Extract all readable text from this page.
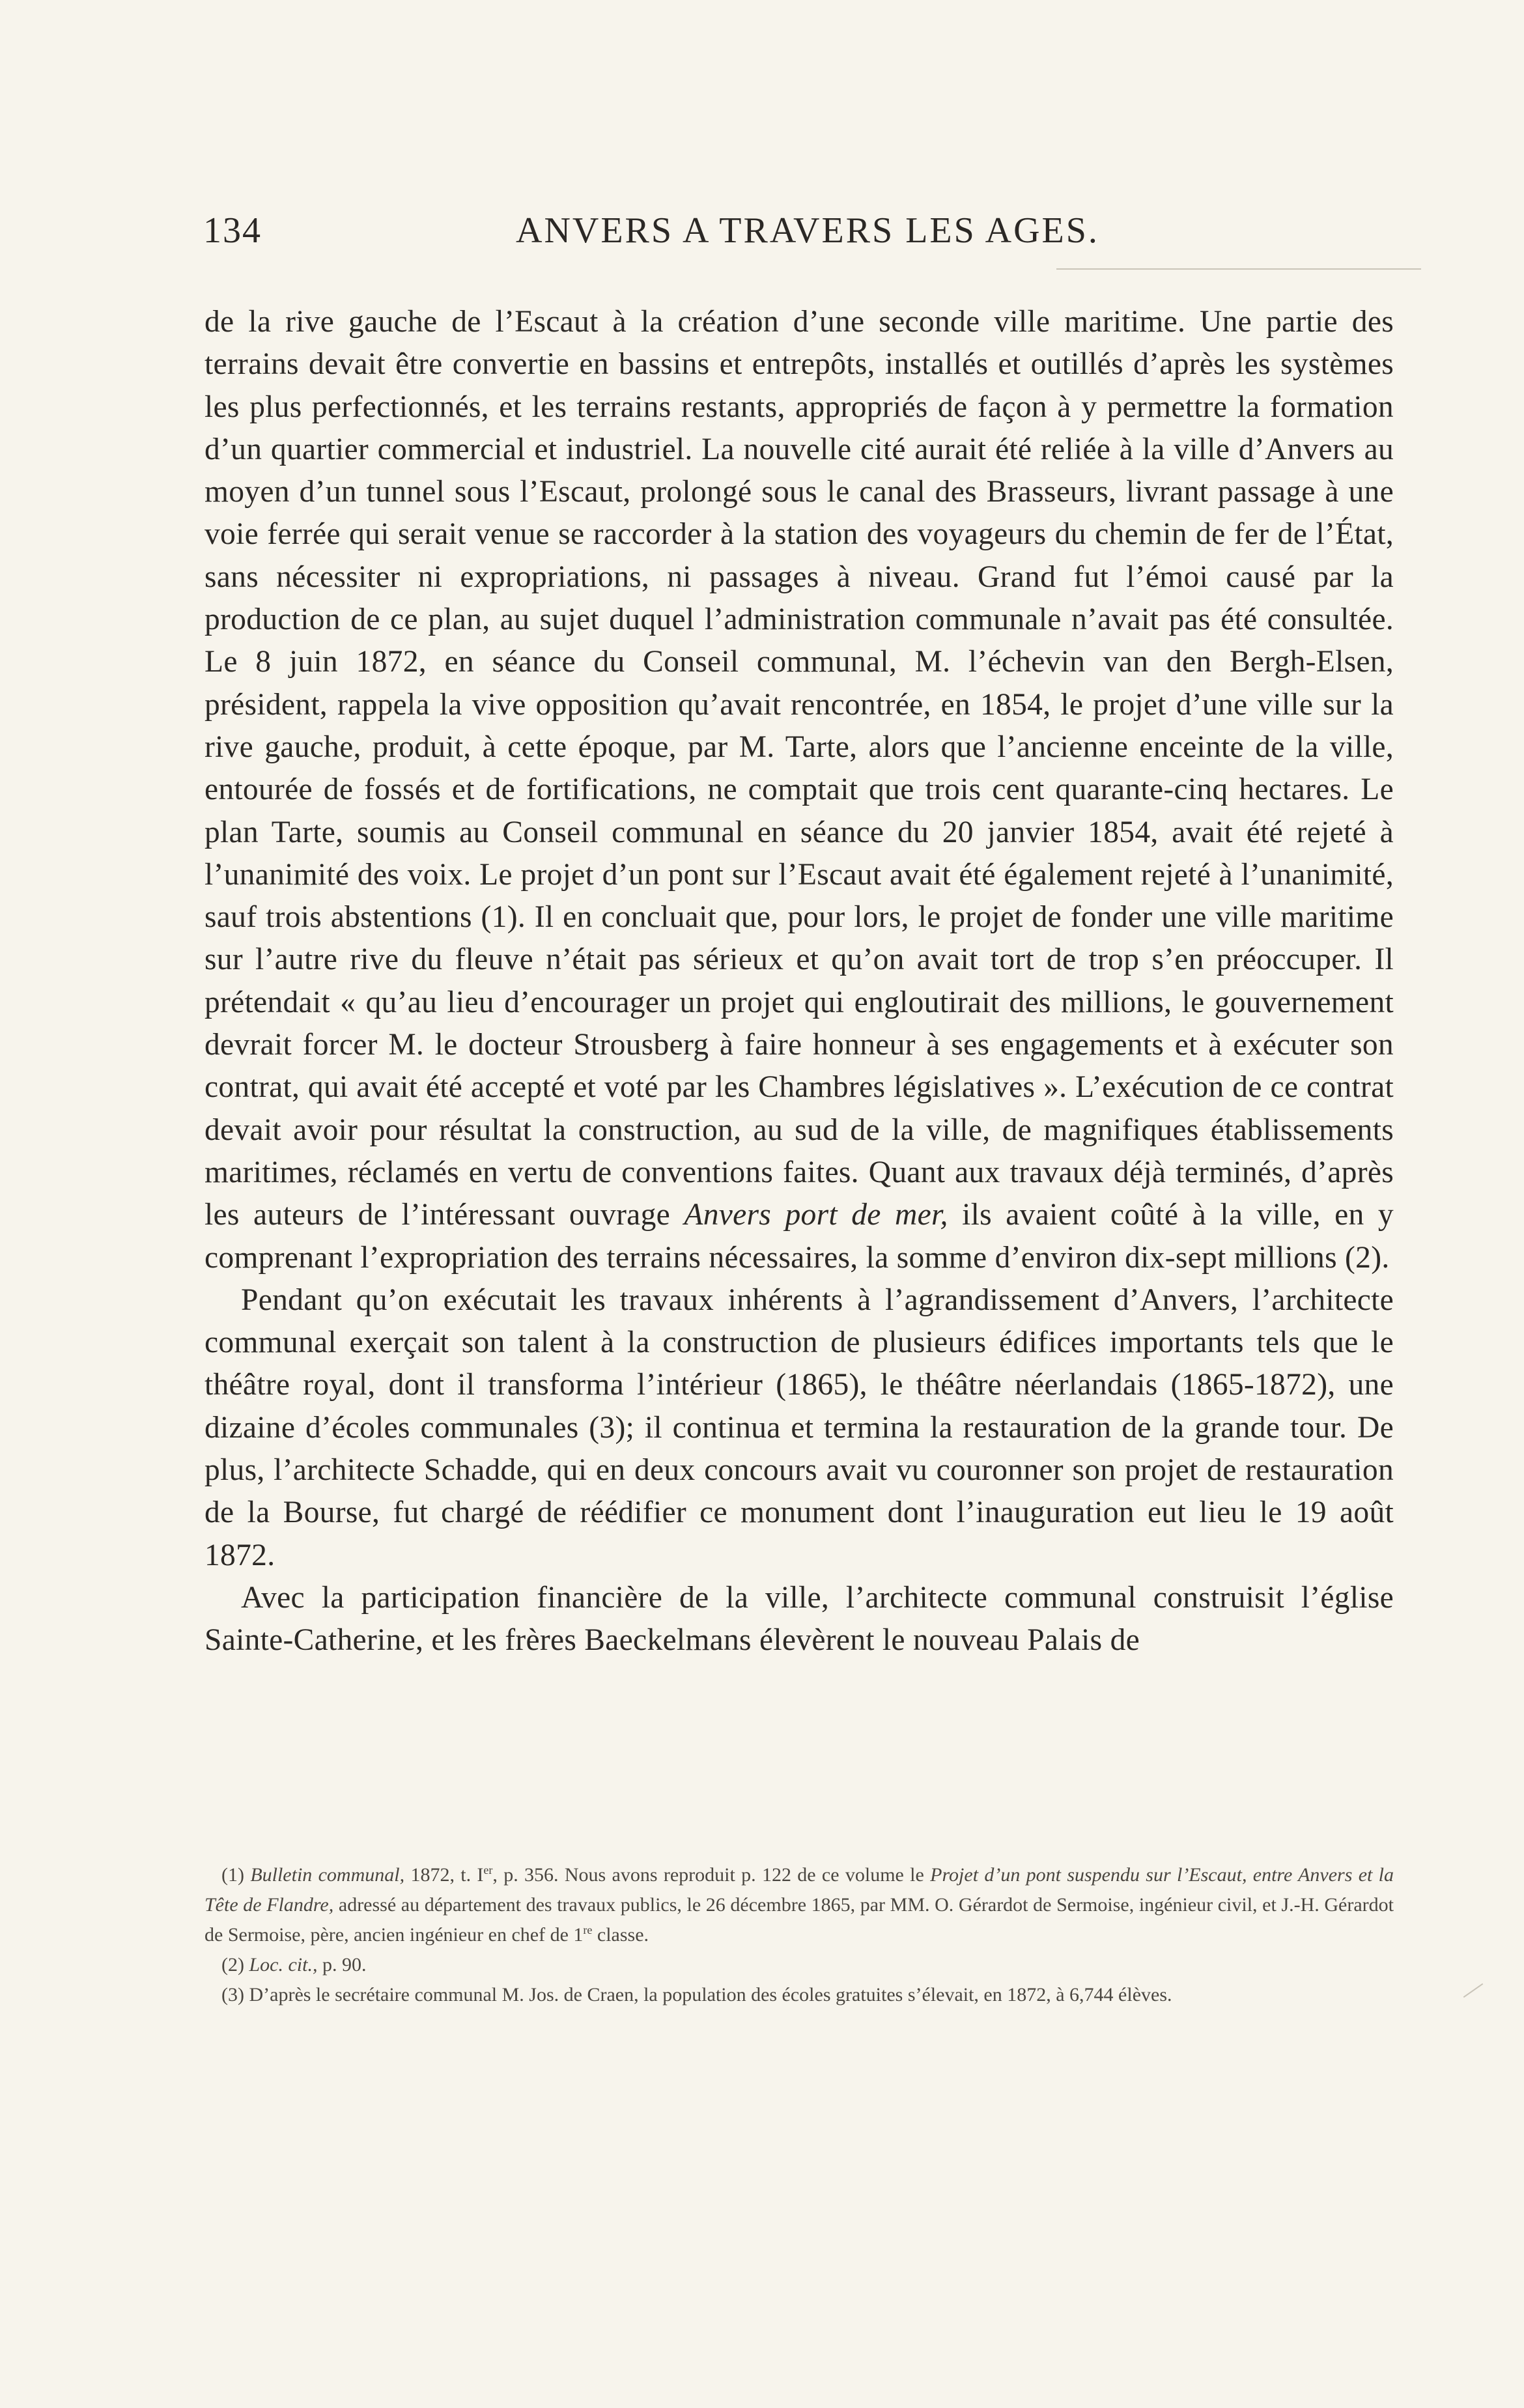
134	ANVERS A TRAVERS LES AGES.

de la rive gauche de l’Escaut à la création d’une seconde ville maritime. Une partie des terrains devait être convertie en bassins et entrepôts, installés et outillés d’après les systèmes les plus perfectionnés, et les terrains restants, appropriés de façon à y permettre la formation d’un quartier commercial et industriel. La nouvelle cité aurait été reliée à la ville d’Anvers au moyen d’un tunnel sous l’Escaut, prolongé sous le canal des Brasseurs, livrant passage à une voie ferrée qui serait venue se raccorder à la station des voyageurs du chemin de fer de l’État, sans nécessiter ni expropriations, ni passages à niveau. Grand fut l’émoi causé par la production de ce plan, au sujet duquel l’administration communale n’avait pas été consultée. Le 8 juin 1872, en séance du Conseil communal, M. l’échevin van den Bergh-Elsen, président, rappela la vive opposition qu’avait rencontrée, en 1854, le projet d’une ville sur la rive gauche, produit, à cette époque, par M. Tarte, alors que l’ancienne enceinte de la ville, entourée de fossés et de fortifications, ne comptait que trois cent quarante-cinq hectares. Le plan Tarte, soumis au Conseil communal en séance du 20 janvier 1854, avait été rejeté à l’unanimité des voix. Le projet d’un pont sur l’Escaut avait été également rejeté à l’unanimité, sauf trois abstentions (1). Il en concluait que, pour lors, le projet de fonder une ville maritime sur l’autre rive du fleuve n’était pas sérieux et qu’on avait tort de trop s’en préoccuper. Il prétendait « qu’au lieu d’encourager un projet qui engloutirait des millions, le gouvernement devrait forcer M. le docteur Strousberg à faire honneur à ses engagements et à exécuter son contrat, qui avait été accepté et voté par les Chambres législatives ». L’exécution de ce contrat devait avoir pour résultat la construction, au sud de la ville, de magnifiques établissements maritimes, réclamés en vertu de conventions faites. Quant aux travaux déjà terminés, d’après les auteurs de l’intéressant ouvrage Anvers port de mer, ils avaient coûté à la ville, en y comprenant l’expropriation des terrains nécessaires, la somme d’environ dix-sept millions (2).

Pendant qu’on exécutait les travaux inhérents à l’agrandissement d’Anvers, l’architecte communal exerçait son talent à la construction de plusieurs édifices importants tels que le théâtre royal, dont il transforma l’intérieur (1865), le théâtre néerlandais (1865-1872), une dizaine d’écoles communales (3); il continua et termina la restauration de la grande tour. De plus, l’architecte Schadde, qui en deux concours avait vu couronner son projet de restauration de la Bourse, fut chargé de réédifier ce monument dont l’inauguration eut lieu le 19 août 1872.

Avec la participation financière de la ville, l’architecte communal construisit l’église Sainte-Catherine, et les frères Baeckelmans élevèrent le nouveau Palais de

(1) Bulletin communal, 1872, t. Ier, p. 356. Nous avons reproduit p. 122 de ce volume le Projet d’un pont suspendu sur l’Escaut, entre Anvers et la Tête de Flandre, adressé au département des travaux publics, le 26 décembre 1865, par MM. O. Gérardot de Sermoise, ingénieur civil, et J.-H. Gérardot de Sermoise, père, ancien ingénieur en chef de 1re classe.

(2) Loc. cit., p. 90.

(3) D’après le secrétaire communal M. Jos. de Craen, la population des écoles gratuites s’élevait, en 1872, à 6,744 élèves.
